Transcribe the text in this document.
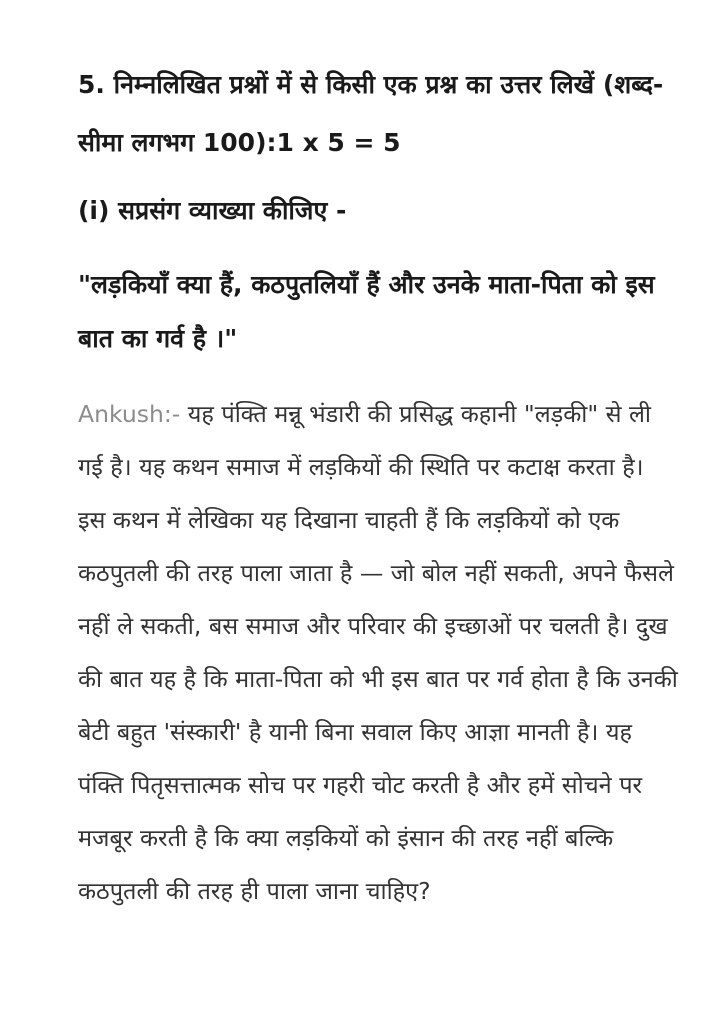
5. निम्नलिखित प्रश्नों में से किसी एक प्रश्न का उत्तर लिखें (शब्द-सीमा लगभग 100):1 x 5 = 5

(i) सप्रसंग व्याख्या कीजिए -

"लड़कियाँ क्या हैं, कठपुतलियाँ हैं और उनके माता-पिता को इस बात का गर्व है ।"

Ankush:- यह पंक्ति मन्नू भंडारी की प्रसिद्ध कहानी "लड़की" से ली गई है। यह कथन समाज में लड़कियों की स्थिति पर कटाक्ष करता है। इस कथन में लेखिका यह दिखाना चाहती हैं कि लड़कियों को एक कठपुतली की तरह पाला जाता है — जो बोल नहीं सकती, अपने फैसले नहीं ले सकती, बस समाज और परिवार की इच्छाओं पर चलती है। दुख की बात यह है कि माता-पिता को भी इस बात पर गर्व होता है कि उनकी बेटी बहुत 'संस्कारी' है यानी बिना सवाल किए आज्ञा मानती है। यह पंक्ति पितृसत्तात्मक सोच पर गहरी चोट करती है और हमें सोचने पर मजबूर करती है कि क्या लड़कियों को इंसान की तरह नहीं बल्कि कठपुतली की तरह ही पाला जाना चाहिए?
